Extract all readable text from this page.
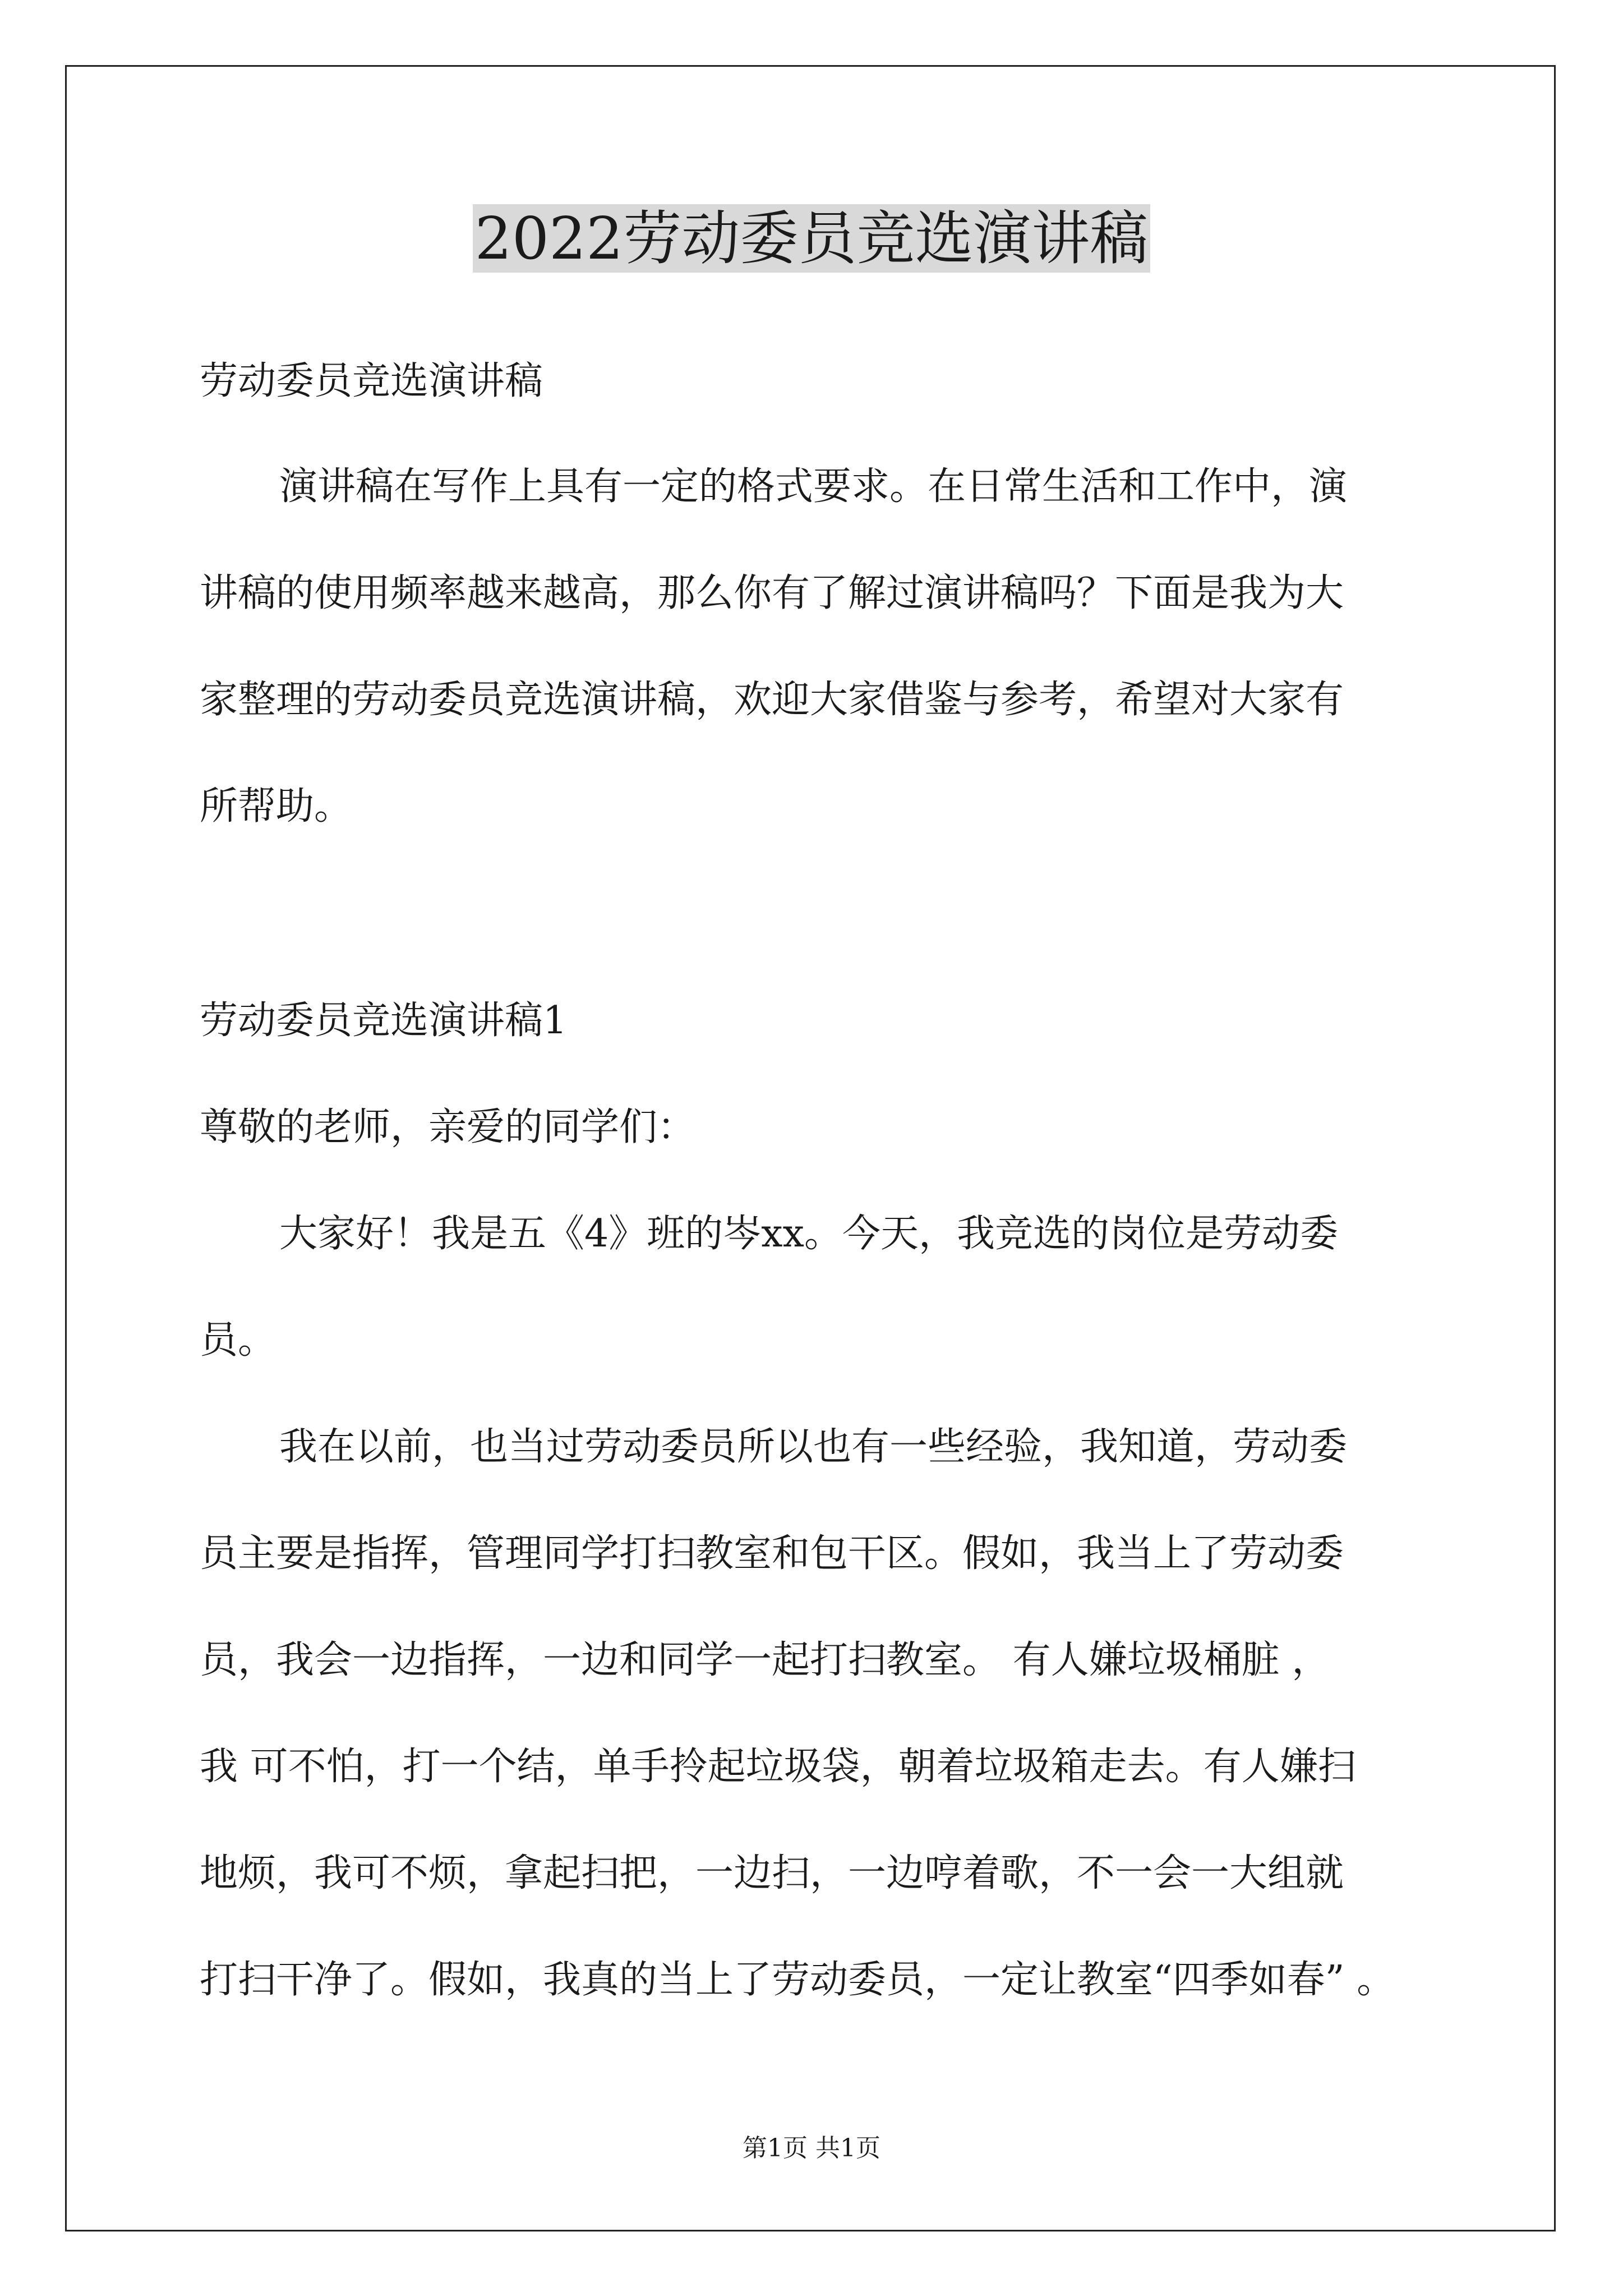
2022劳动委员竞选演讲稿
劳动委员竞选演讲稿
演讲稿在写作上具有一定的格式要求。在日常生活和工作中，演
讲稿的使用频率越来越高，那么你有了解过演讲稿吗？下面是我为大
家整理的劳动委员竞选演讲稿，欢迎大家借鉴与参考，希望对大家有
所帮助。
劳动委员竞选演讲稿1
尊敬的老师，亲爱的同学们：
大家好！我是五《4》班的岑xx。今天，我竞选的岗位是劳动委
员。
我在以前，也当过劳动委员所以也有一些经验，我知道，劳动委
员主要是指挥，管理同学打扫教室和包干区。假如，我当上了劳动委
员，我会一边指挥，一边和同学一起打扫教室。 有人嫌垃圾桶脏 ，
我 可不怕，打一个结，单手拎起垃圾袋，朝着垃圾箱走去。有人嫌扫
地烦，我可不烦，拿起扫把，一边扫，一边哼着歌，不一会一大组就
打扫干净了。假如，我真的当上了劳动委员，一定让教室“四季如春” 。
第1页 共1页
